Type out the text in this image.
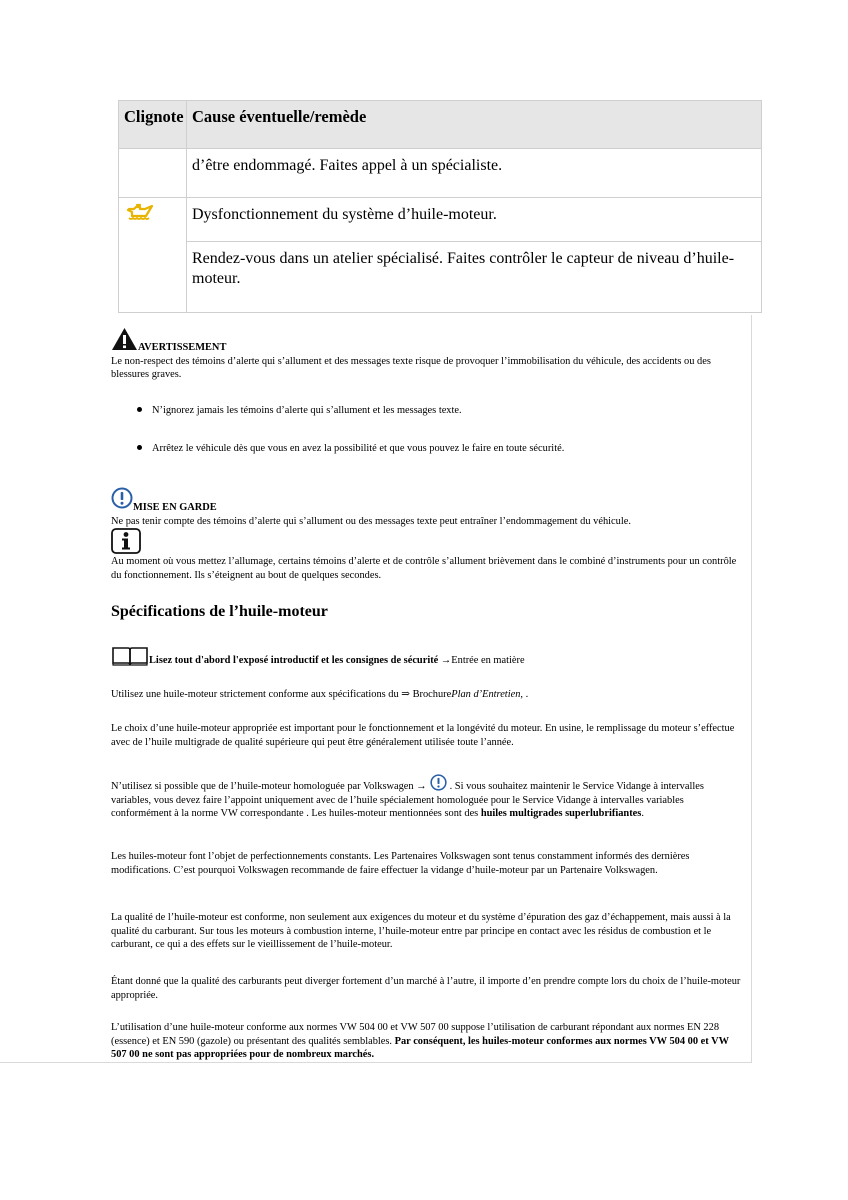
Clignote	Cause éventuelle/remède
	d’être endommagé. Faites appel à un spécialiste.
	Dysfonctionnement du système d’huile-moteur.
	Rendez-vous dans un atelier spécialisé. Faites contrôler le capteur de niveau d’huile-moteur.

AVERTISSEMENT

Le non-respect des témoins d’alerte qui s’allument et des messages texte risque de provoquer l’immobilisation du véhicule, des accidents ou des blessures graves.

N’ignorez jamais les témoins d’alerte qui s’allument et les messages texte.
Arrêtez le véhicule dès que vous en avez la possibilité et que vous pouvez le faire en toute sécurité.

MISE EN GARDE

Ne pas tenir compte des témoins d’alerte qui s’allument ou des messages texte peut entraîner l’endommagement du véhicule.

Au moment où vous mettez l’allumage, certains témoins d’alerte et de contrôle s’allument brièvement dans le combiné d’instruments pour un contrôle du fonctionnement. Ils s’éteignent au bout de quelques secondes.

Spécifications de l’huile-moteur

Lisez tout d'abord l'exposé introductif et les consignes de sécurité →Entrée en matière

Utilisez une huile-moteur strictement conforme aux spécifications du ⇒ BrochurePlan d’Entretien, .

Le choix d’une huile-moteur appropriée est important pour le fonctionnement et la longévité du moteur. En usine, le remplissage du moteur s’effectue avec de l’huile multigrade de qualité supérieure qui peut être généralement utilisée toute l’année.

N’utilisez si possible que de l’huile-moteur homologuée par Volkswagen → . Si vous souhaitez maintenir le Service Vidange à intervalles variables, vous devez faire l’appoint uniquement avec de l’huile spécialement homologuée pour le Service Vidange à intervalles variables conformément à la norme VW correspondante . Les huiles-moteur mentionnées sont des huiles multigrades superlubrifiantes.

Les huiles-moteur font l’objet de perfectionnements constants. Les Partenaires Volkswagen sont tenus constamment informés des dernières modifications. C’est pourquoi Volkswagen recommande de faire effectuer la vidange d’huile-moteur par un Partenaire Volkswagen.

La qualité de l’huile-moteur est conforme, non seulement aux exigences du moteur et du système d’épuration des gaz d’échappement, mais aussi à la qualité du carburant. Sur tous les moteurs à combustion interne, l’huile-moteur entre par principe en contact avec les résidus de combustion et le carburant, ce qui a des effets sur le vieillissement de l’huile-moteur.

Étant donné que la qualité des carburants peut diverger fortement d’un marché à l’autre, il importe d’en prendre compte lors du choix de l’huile-moteur appropriée.

L’utilisation d’une huile-moteur conforme aux normes VW 504 00 et VW 507 00 suppose l’utilisation de carburant répondant aux normes EN 228 (essence) et EN 590 (gazole) ou présentant des qualités semblables. Par conséquent, les huiles-moteur conformes aux normes VW 504 00 et VW 507 00 ne sont pas appropriées pour de nombreux marchés.
